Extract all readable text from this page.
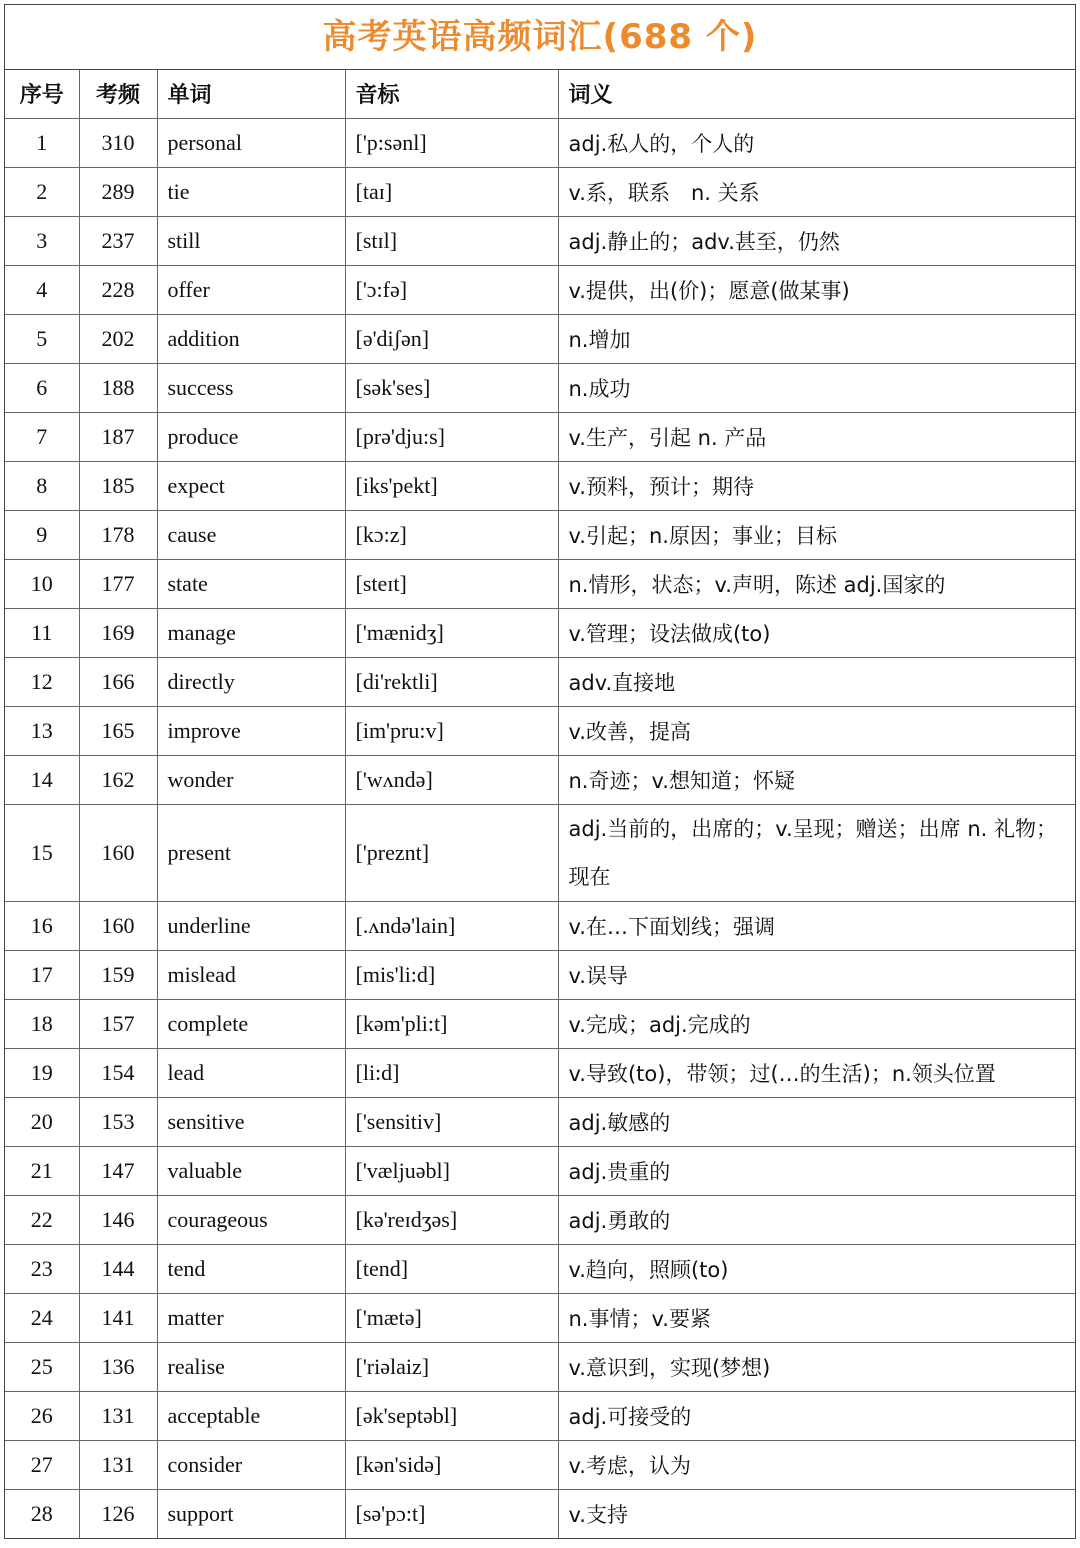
高考英语高频词汇(688 个)
序号	考频	单词	音标	词义
1	310	personal	['p:sənl]	adj.私人的，个人的
2	289	tie	[taɪ]	v.系，联系　n. 关系
3	237	still	[stɪl]	adj.静止的；adv.甚至，仍然
4	228	offer	['ɔ:fə]	v.提供，出(价)；愿意(做某事)
5	202	addition	[ə'diʃən]	n.增加
6	188	success	[sək'ses]	n.成功
7	187	produce	[prə'dju:s]	v.生产，引起 n. 产品
8	185	expect	[iks'pekt]	v.预料，预计；期待
9	178	cause	[kɔ:z]	v.引起；n.原因；事业；目标
10	177	state	[steɪt]	n.情形，状态；v.声明，陈述 adj.国家的
11	169	manage	['mænidʒ]	v.管理；设法做成(to)
12	166	directly	[di'rektli]	adv.直接地
13	165	improve	[im'pru:v]	v.改善，提高
14	162	wonder	['wʌndə]	n.奇迹；v.想知道；怀疑
15	160	present	['preznt]	adj.当前的，出席的；v.呈现；赠送；出席 n. 礼物；现在
16	160	underline	[.ʌndə'lain]	v.在…下面划线；强调
17	159	mislead	[mis'li:d]	v.误导
18	157	complete	[kəm'pli:t]	v.完成；adj.完成的
19	154	lead	[li:d]	v.导致(to)，带领；过(…的生活)；n.领头位置
20	153	sensitive	['sensitiv]	adj.敏感的
21	147	valuable	['væljuəbl]	adj.贵重的
22	146	courageous	[kə'reɪdʒəs]	adj.勇敢的
23	144	tend	[tend]	v.趋向，照顾(to)
24	141	matter	['mætə]	n.事情；v.要紧
25	136	realise	['riəlaiz]	v.意识到，实现(梦想)
26	131	acceptable	[ək'septəbl]	adj.可接受的
27	131	consider	[kən'sidə]	v.考虑，认为
28	126	support	[sə'pɔ:t]	v.支持
